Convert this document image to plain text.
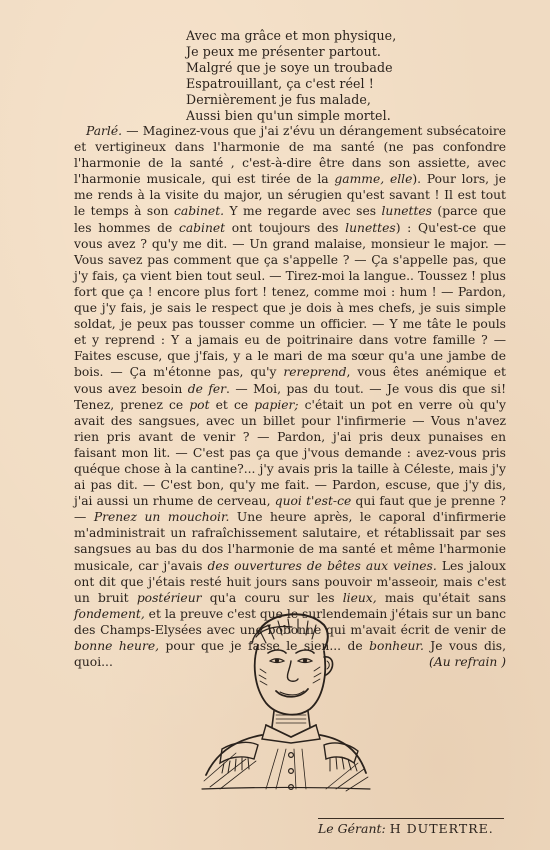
Avec ma grâce et mon physique,
Je peux me présenter partout.
Malgré que je soye un troubade
Espatrouillant, ça c'est réel !
Dernièrement je fus malade,
Aussi bien qu'un simple mortel.

Parlé. — Maginez-vous que j'ai z'évu un dérangement subsécatoire et vertigineux dans l'harmonie de ma santé (ne pas confondre l'harmonie de la santé , c'est-à-dire être dans son assiette, avec l'harmonie musicale, qui est tirée de la gamme, elle). Pour lors, je me rends à la visite du major, un sérugien qu'est savant ! Il est tout le temps à son cabinet. Y me regarde avec ses lunettes (parce que les hommes de cabinet ont toujours des lunettes) : Qu'est-ce que vous avez ? qu'y me dit. — Un grand malaise, monsieur le major. — Vous savez pas comment que ça s'appelle ? — Ça s'appelle pas, que j'y fais, ça vient bien tout seul. — Tirez-moi la langue.. Toussez ! plus fort que ça ! encore plus fort ! tenez, comme moi : hum ! — Pardon, que j'y fais, je sais le respect que je dois à mes chefs, je suis simple soldat, je peux pas tousser comme un officier. — Y me tâte le pouls et y reprend : Y a jamais eu de poitrinaire dans votre famille ? — Faites escuse, que j'fais, y a le mari de ma sœur qu'a une jambe de bois. — Ça m'étonne pas, qu'y rereprend, vous êtes anémique et vous avez besoin de fer. — Moi, pas du tout. — Je vous dis que si! Tenez, prenez ce pot et ce papier; c'était un pot en verre où qu'y avait des sangsues, avec un billet pour l'infirmerie — Vous n'avez rien pris avant de venir ? — Pardon, j'ai pris deux punaises en faisant mon lit. — C'est pas ça que j'vous demande : avez-vous pris quéque chose à la cantine?... j'y avais pris la taille à Céleste, mais j'y ai pas dit. — C'est bon, qu'y me fait. — Pardon, escuse, que j'y dis, j'ai aussi un rhume de cerveau, quoi t'est-ce qui faut que je prenne ? — Prenez un mouchoir. Une heure après, le caporal d'infirmerie m'administrait un rafraîchissement salutaire, et rétablissait par ses sangsues au bas du dos l'harmonie de ma santé et même l'harmonie musicale, car j'avais des ouvertures de bêtes aux veines. Les jaloux ont dit que j'étais resté huit jours sans pouvoir m'asseoir, mais c'est un bruit postérieur qu'a couru sur les lieux, mais qu'était sans fondement, et la preuve c'est que le surlendemain j'étais sur un banc des Champs-Elysées avec une bobonne qui m'avait écrit de venir de bonne heure, pour que je fasse le sien... de bonheur. Je vous dis, quoi...	(Au refrain )

Le Gérant: H DUTERTRE.
